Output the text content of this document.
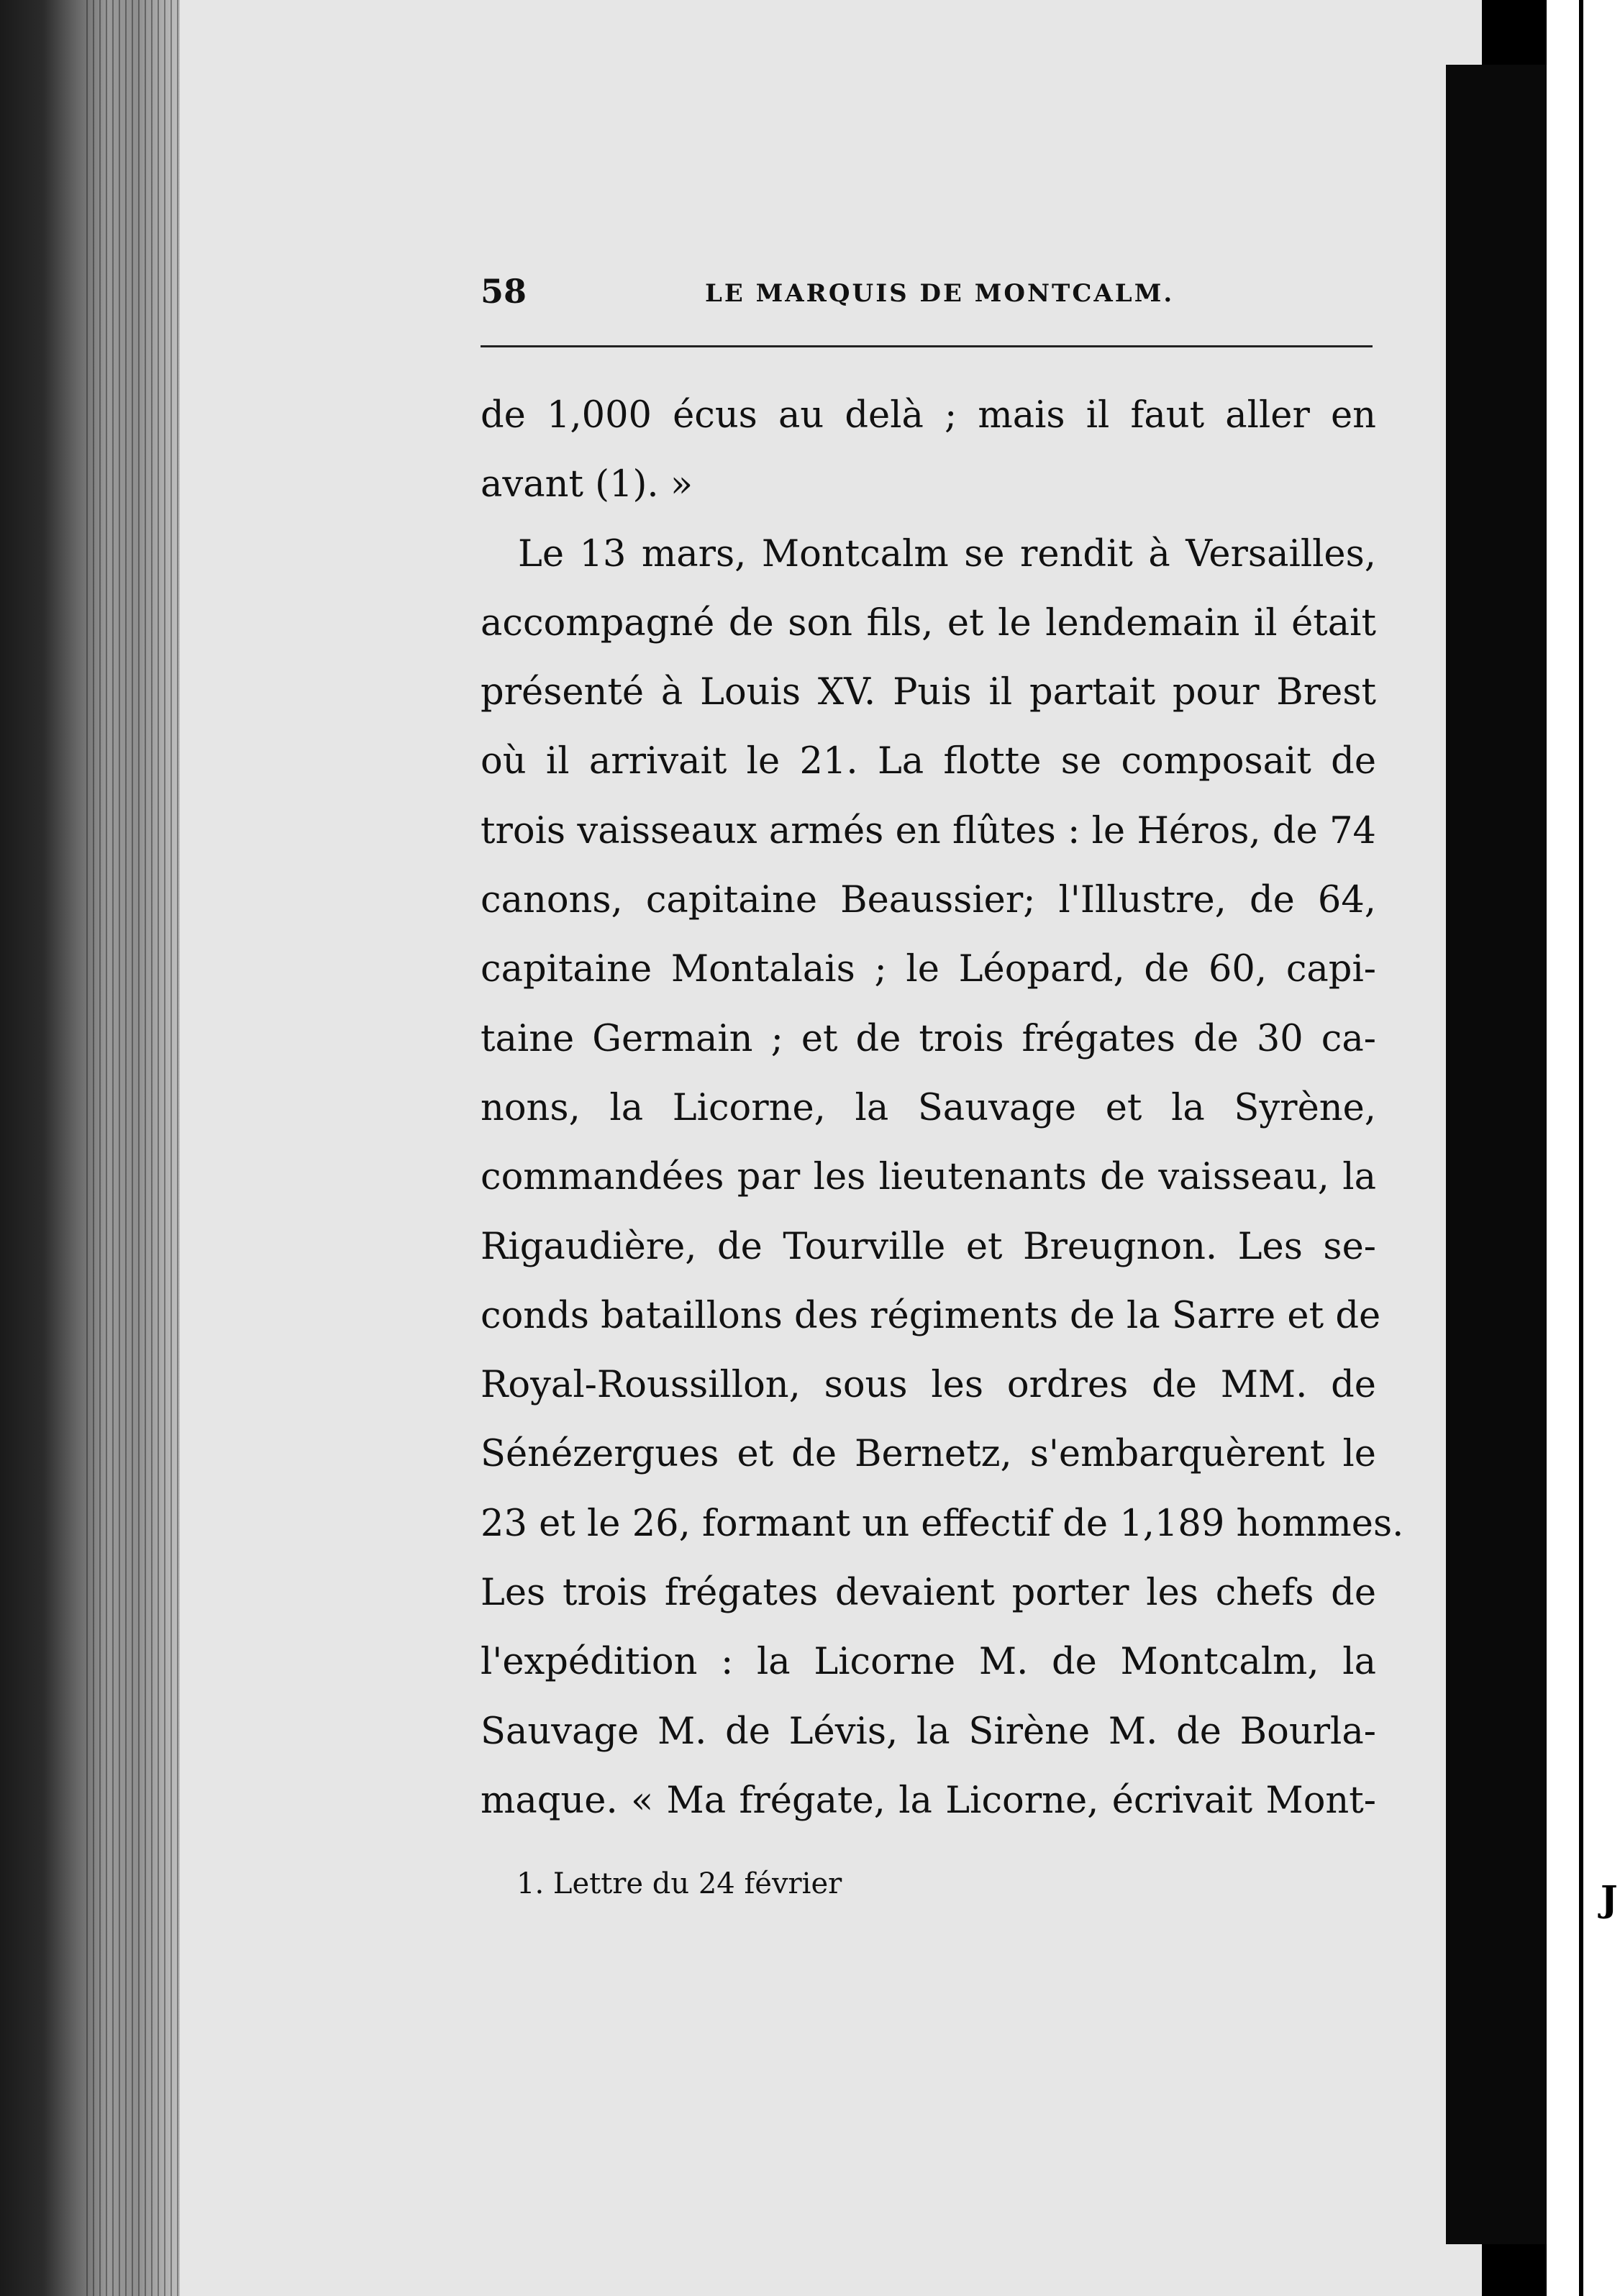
58	LE MARQUIS DE MONTCALM.
de 1,000 écus au delà ; mais il faut aller en
avant (1). »
Le 13 mars, Montcalm se rendit à Versailles,
accompagné de son fils, et le lendemain il était
présenté à Louis XV. Puis il partait pour Brest
où il arrivait le 21. La flotte se composait de
trois vaisseaux armés en flûtes : le Héros, de 74
canons, capitaine Beaussier; l'Illustre, de 64,
capitaine Montalais ; le Léopard, de 60, capi-
taine Germain ; et de trois frégates de 30 ca-
nons, la Licorne, la Sauvage et la Syrène,
commandées par les lieutenants de vaisseau, la
Rigaudière, de Tourville et Breugnon. Les se-
conds bataillons des régiments de la Sarre et de
Royal-Roussillon, sous les ordres de MM. de
Sénézergues et de Bernetz, s'embarquèrent le
23 et le 26, formant un effectif de 1,189 hommes.
Les trois frégates devaient porter les chefs de
l'expédition : la Licorne M. de Montcalm, la
Sauvage M. de Lévis, la Sirène M. de Bourla-
maque. « Ma frégate, la Licorne, écrivait Mont-
1. Lettre du 24 février	J
